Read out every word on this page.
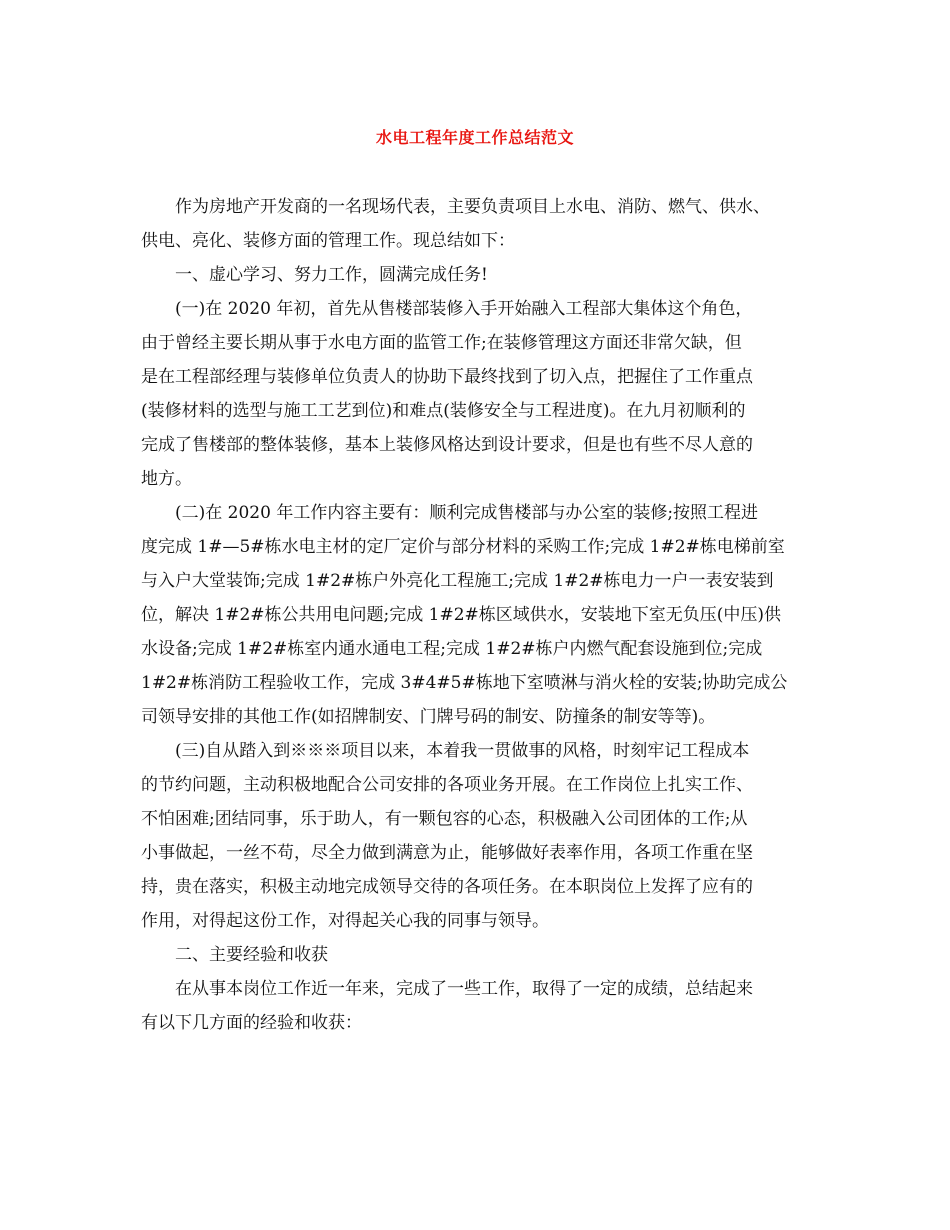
水电工程年度工作总结范文

作为房地产开发商的一名现场代表，主要负责项目上水电、消防、燃气、供水、
供电、亮化、装修方面的管理工作。现总结如下：

一、虚心学习、努力工作，圆满完成任务!

(一)在 2020 年初，首先从售楼部装修入手开始融入工程部大集体这个角色，
由于曾经主要长期从事于水电方面的监管工作;在装修管理这方面还非常欠缺，但
是在工程部经理与装修单位负责人的协助下最终找到了切入点，把握住了工作重点
(装修材料的选型与施工工艺到位)和难点(装修安全与工程进度)。在九月初顺利的
完成了售楼部的整体装修，基本上装修风格达到设计要求，但是也有些不尽人意的
地方。

(二)在 2020 年工作内容主要有：顺利完成售楼部与办公室的装修;按照工程进
度完成 1#—5#栋水电主材的定厂定价与部分材料的采购工作;完成 1#2#栋电梯前室
与入户大堂装饰;完成 1#2#栋户外亮化工程施工;完成 1#2#栋电力一户一表安装到
位，解决 1#2#栋公共用电问题;完成 1#2#栋区域供水，安装地下室无负压(中压)供
水设备;完成 1#2#栋室内通水通电工程;完成 1#2#栋户内燃气配套设施到位;完成
1#2#栋消防工程验收工作，完成 3#4#5#栋地下室喷淋与消火栓的安装;协助完成公
司领导安排的其他工作(如招牌制安、门牌号码的制安、防撞条的制安等等)。

(三)自从踏入到※※※项目以来，本着我一贯做事的风格，时刻牢记工程成本
的节约问题，主动积极地配合公司安排的各项业务开展。在工作岗位上扎实工作、
不怕困难;团结同事，乐于助人，有一颗包容的心态，积极融入公司团体的工作;从
小事做起，一丝不苟，尽全力做到满意为止，能够做好表率作用，各项工作重在坚
持，贵在落实，积极主动地完成领导交待的各项任务。在本职岗位上发挥了应有的
作用，对得起这份工作，对得起关心我的同事与领导。

二、主要经验和收获

在从事本岗位工作近一年来，完成了一些工作，取得了一定的成绩，总结起来
有以下几方面的经验和收获：
